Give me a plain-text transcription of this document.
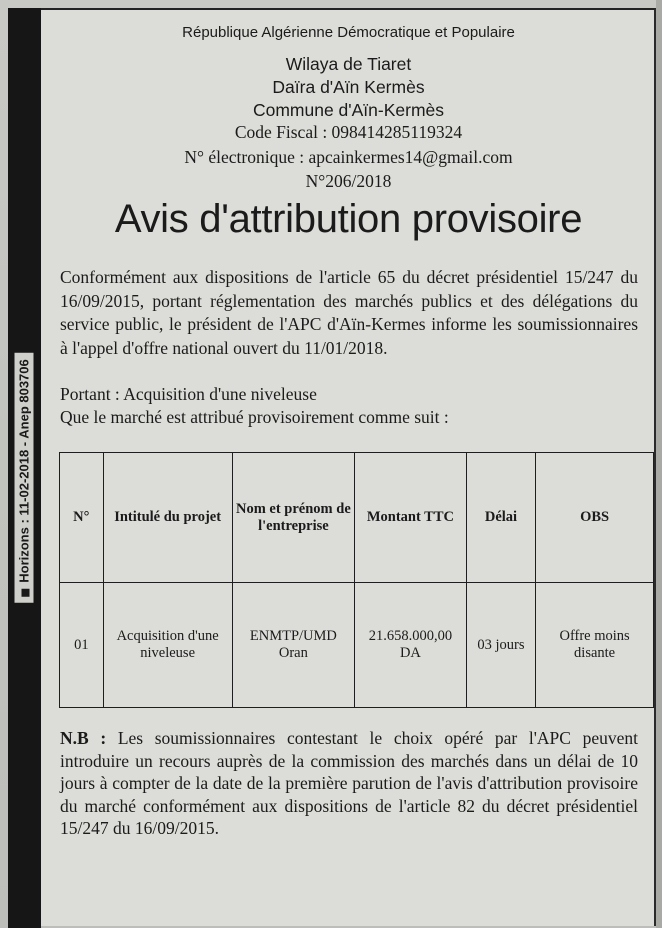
Horizons : 11-02-2018 - Anep 803706
République Algérienne Démocratique et Populaire
Wilaya de Tiaret
Daïra d'Aïn Kermès
Commune d'Aïn-Kermès
Code Fiscal : 098414285119324
N° électronique : apcainkermes14@gmail.com
N°206/2018
Avis d'attribution provisoire
Conformément aux dispositions de l'article 65 du décret présidentiel 15/247 du 16/09/2015, portant réglementation des marchés publics et des délégations du service public, le président de l'APC d'Aïn-Kermes informe les soumissionnaires à l'appel d'offre national ouvert du 11/01/2018.
Portant : Acquisition d'une niveleuse
Que le marché est attribué provisoirement comme suit :
N°	Intitulé du projet	Nom et prénom de l'entreprise	Montant TTC	Délai	OBS
01	Acquisition d'une niveleuse	ENMTP/UMD Oran	21.658.000,00 DA	03 jours	Offre moins disante
N.B : Les soumissionnaires contestant le choix opéré par l'APC peuvent introduire un recours auprès de la commission des marchés dans un délai de 10 jours à compter de la date de la première parution de l'avis d'attribution provisoire du marché conformément aux dispositions de l'article 82 du décret présidentiel 15/247 du 16/09/2015.
